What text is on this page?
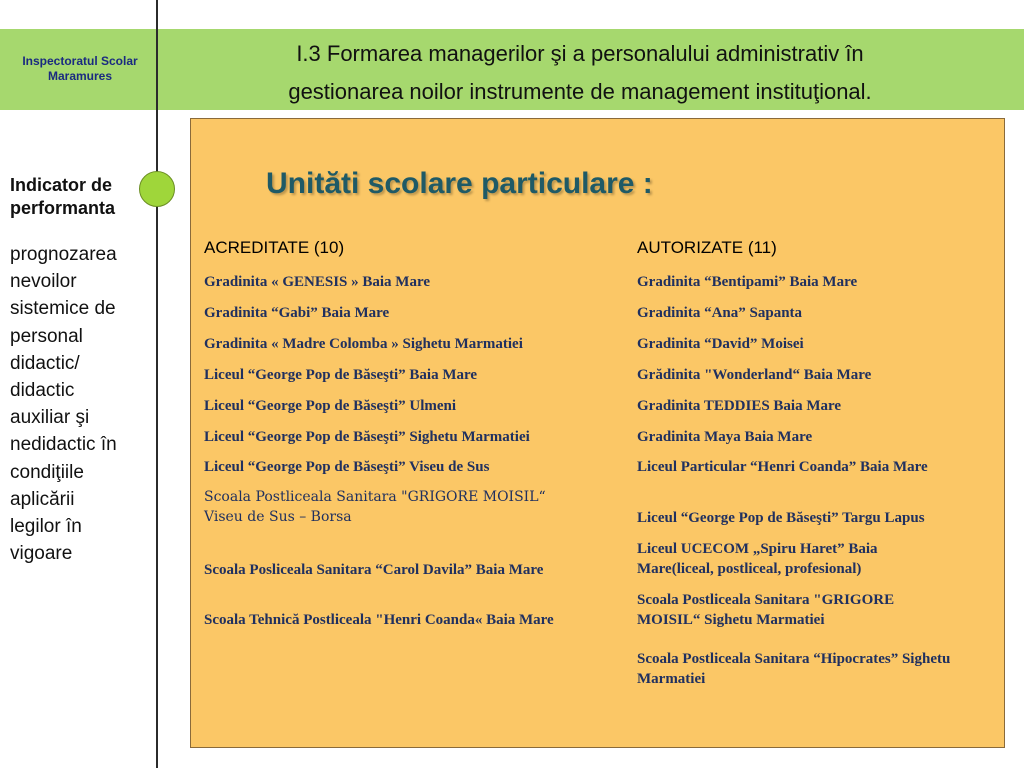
Inspectoratul Scolar
Maramures
I.3 Formarea managerilor şi a personalului administrativ în
gestionarea noilor instrumente de management instituţional.
Indicator de
performanta
prognozarea
nevoilor
sistemice de
personal
didactic/
didactic
auxiliar şi
nedidactic în
condiţiile
aplicării
legilor în
vigoare
Unităti scolare particulare :
ACREDITATE (10)	AUTORIZATE (11)
Gradinita « GENESIS » Baia Mare
Gradinita “Gabi” Baia Mare
Gradinita « Madre Colomba » Sighetu Marmatiei
Liceul “George Pop de Băseşti” Baia Mare
Liceul “George Pop de Băseşti” Ulmeni
Liceul “George Pop de Băseşti” Sighetu Marmatiei
Liceul “George Pop de Băseşti” Viseu de Sus
Scoala Postliceala Sanitara "GRIGORE MOISIL“
Viseu de Sus – Borsa
Scoala Posliceala Sanitara “Carol Davila” Baia Mare
Scoala Tehnică Postliceala "Henri Coanda« Baia Mare
Gradinita “Bentipami” Baia Mare
Gradinita “Ana” Sapanta
Gradinita “David” Moisei
Grădinita "Wonderland“ Baia Mare
Gradinita TEDDIES Baia Mare
Gradinita Maya Baia Mare
Liceul Particular “Henri Coanda” Baia Mare
Liceul “George Pop de Băseşti” Targu Lapus
Liceul UCECOM „Spiru Haret” Baia
Mare(liceal, postliceal, profesional)
Scoala Postliceala Sanitara "GRIGORE
MOISIL“ Sighetu Marmatiei
Scoala Postliceala Sanitara “Hipocrates” Sighetu
Marmatiei
